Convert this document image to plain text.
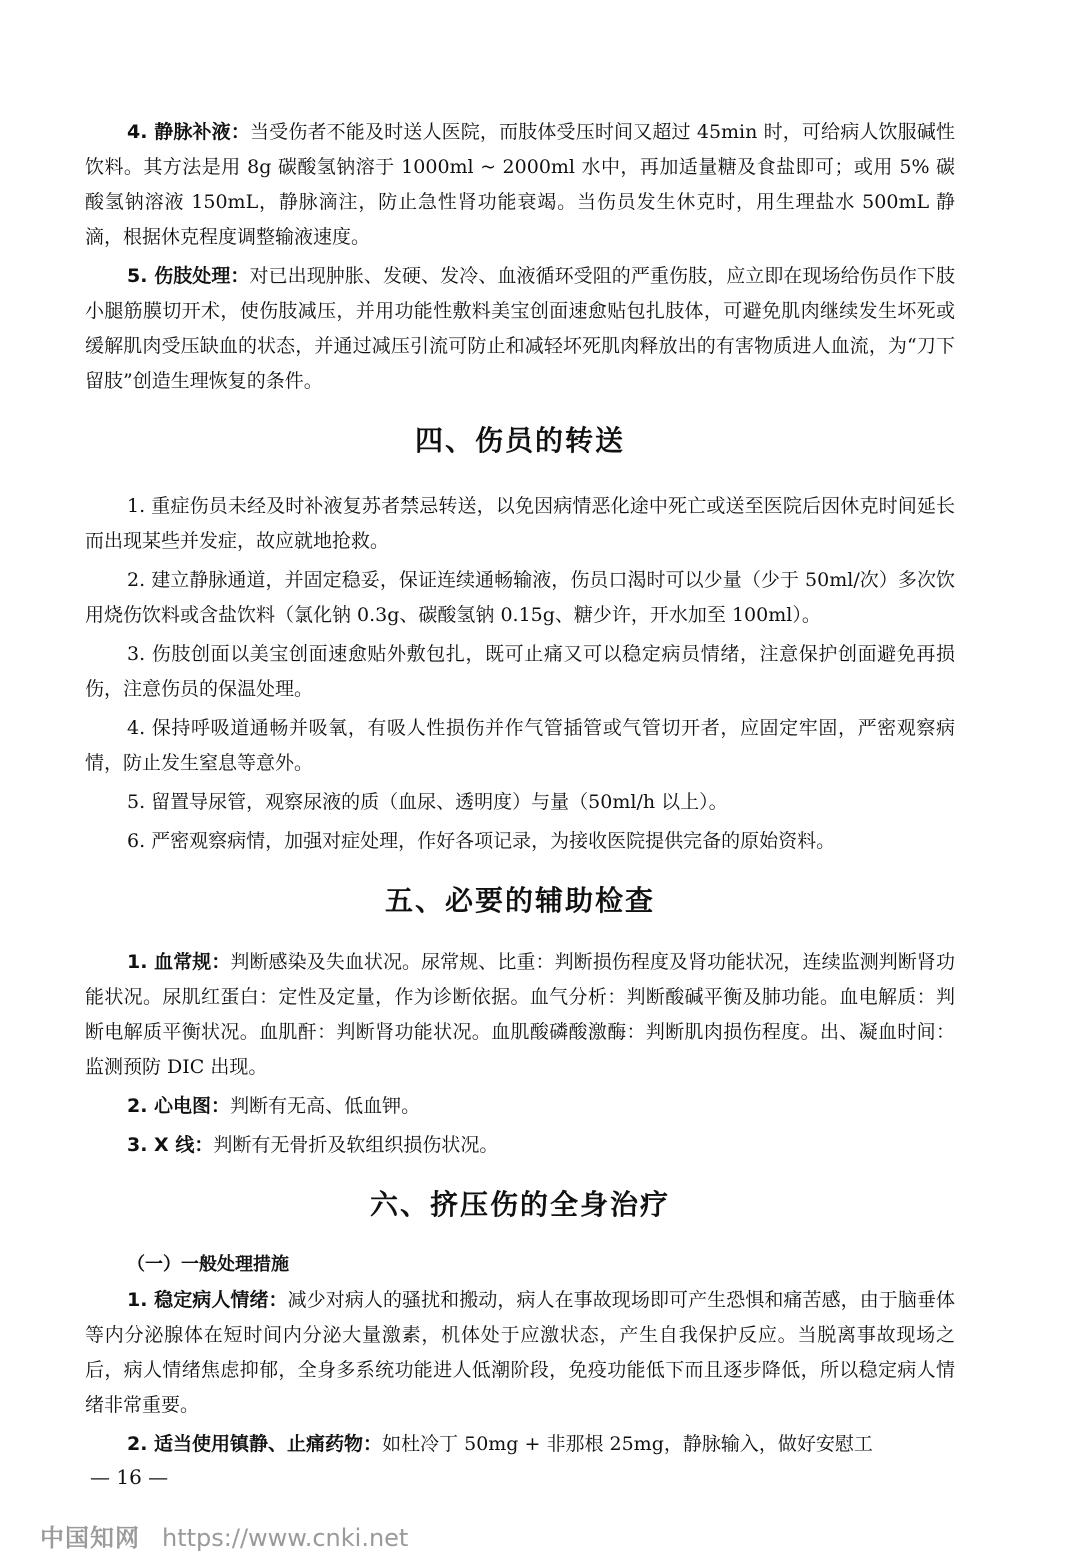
4. 静脉补液：当受伤者不能及时送人医院，而肢体受压时间又超过 45min 时，可给病人饮服碱性饮料。其方法是用 8g 碳酸氢钠溶于 1000ml ~ 2000ml 水中，再加适量糖及食盐即可；或用 5% 碳酸氢钠溶液 150mL，静脉滴注，防止急性肾功能衰竭。当伤员发生休克时，用生理盐水 500mL 静滴，根据休克程度调整输液速度。

5. 伤肢处理：对已出现肿胀、发硬、发冷、血液循环受阻的严重伤肢，应立即在现场给伤员作下肢小腿筋膜切开术，使伤肢减压，并用功能性敷料美宝创面速愈贴包扎肢体，可避免肌肉继续发生坏死或缓解肌肉受压缺血的状态，并通过减压引流可防止和减轻坏死肌肉释放出的有害物质进人血流，为“刀下留肢”创造生理恢复的条件。

四、伤员的转送

1. 重症伤员未经及时补液复苏者禁忌转送，以免因病情恶化途中死亡或送至医院后因休克时间延长而出现某些并发症，故应就地抢救。

2. 建立静脉通道，并固定稳妥，保证连续通畅输液，伤员口渴时可以少量（少于 50ml/次）多次饮用烧伤饮料或含盐饮料（氯化钠 0.3g、碳酸氢钠 0.15g、糖少许，开水加至 100ml）。

3. 伤肢创面以美宝创面速愈贴外敷包扎，既可止痛又可以稳定病员情绪，注意保护创面避免再损伤，注意伤员的保温处理。

4. 保持呼吸道通畅并吸氧，有吸人性损伤并作气管插管或气管切开者，应固定牢固，严密观察病情，防止发生窒息等意外。

5. 留置导尿管，观察尿液的质（血尿、透明度）与量（50ml/h 以上）。

6. 严密观察病情，加强对症处理，作好各项记录，为接收医院提供完备的原始资料。

五、必要的辅助检查

1. 血常规：判断感染及失血状况。尿常规、比重：判断损伤程度及肾功能状况，连续监测判断肾功能状况。尿肌红蛋白：定性及定量，作为诊断依据。血气分析：判断酸碱平衡及肺功能。血电解质：判断电解质平衡状况。血肌酐：判断肾功能状况。血肌酸磷酸激酶：判断肌肉损伤程度。出、凝血时间：监测预防 DIC 出现。

2. 心电图：判断有无高、低血钾。

3. X 线：判断有无骨折及软组织损伤状况。

六、挤压伤的全身治疗
（一）一般处理措施

1. 稳定病人情绪：减少对病人的骚扰和搬动，病人在事故现场即可产生恐惧和痛苦感，由于脑垂体等内分泌腺体在短时间内分泌大量激素，机体处于应激状态，产生自我保护反应。当脱离事故现场之后，病人情绪焦虑抑郁，全身多系统功能进人低潮阶段，免疫功能低下而且逐步降低，所以稳定病人情绪非常重要。

2. 适当使用镇静、止痛药物：如杜冷丁 50mg + 非那根 25mg，静脉输入，做好安慰工

— 16 —
中国知网 https://www.cnki.net
